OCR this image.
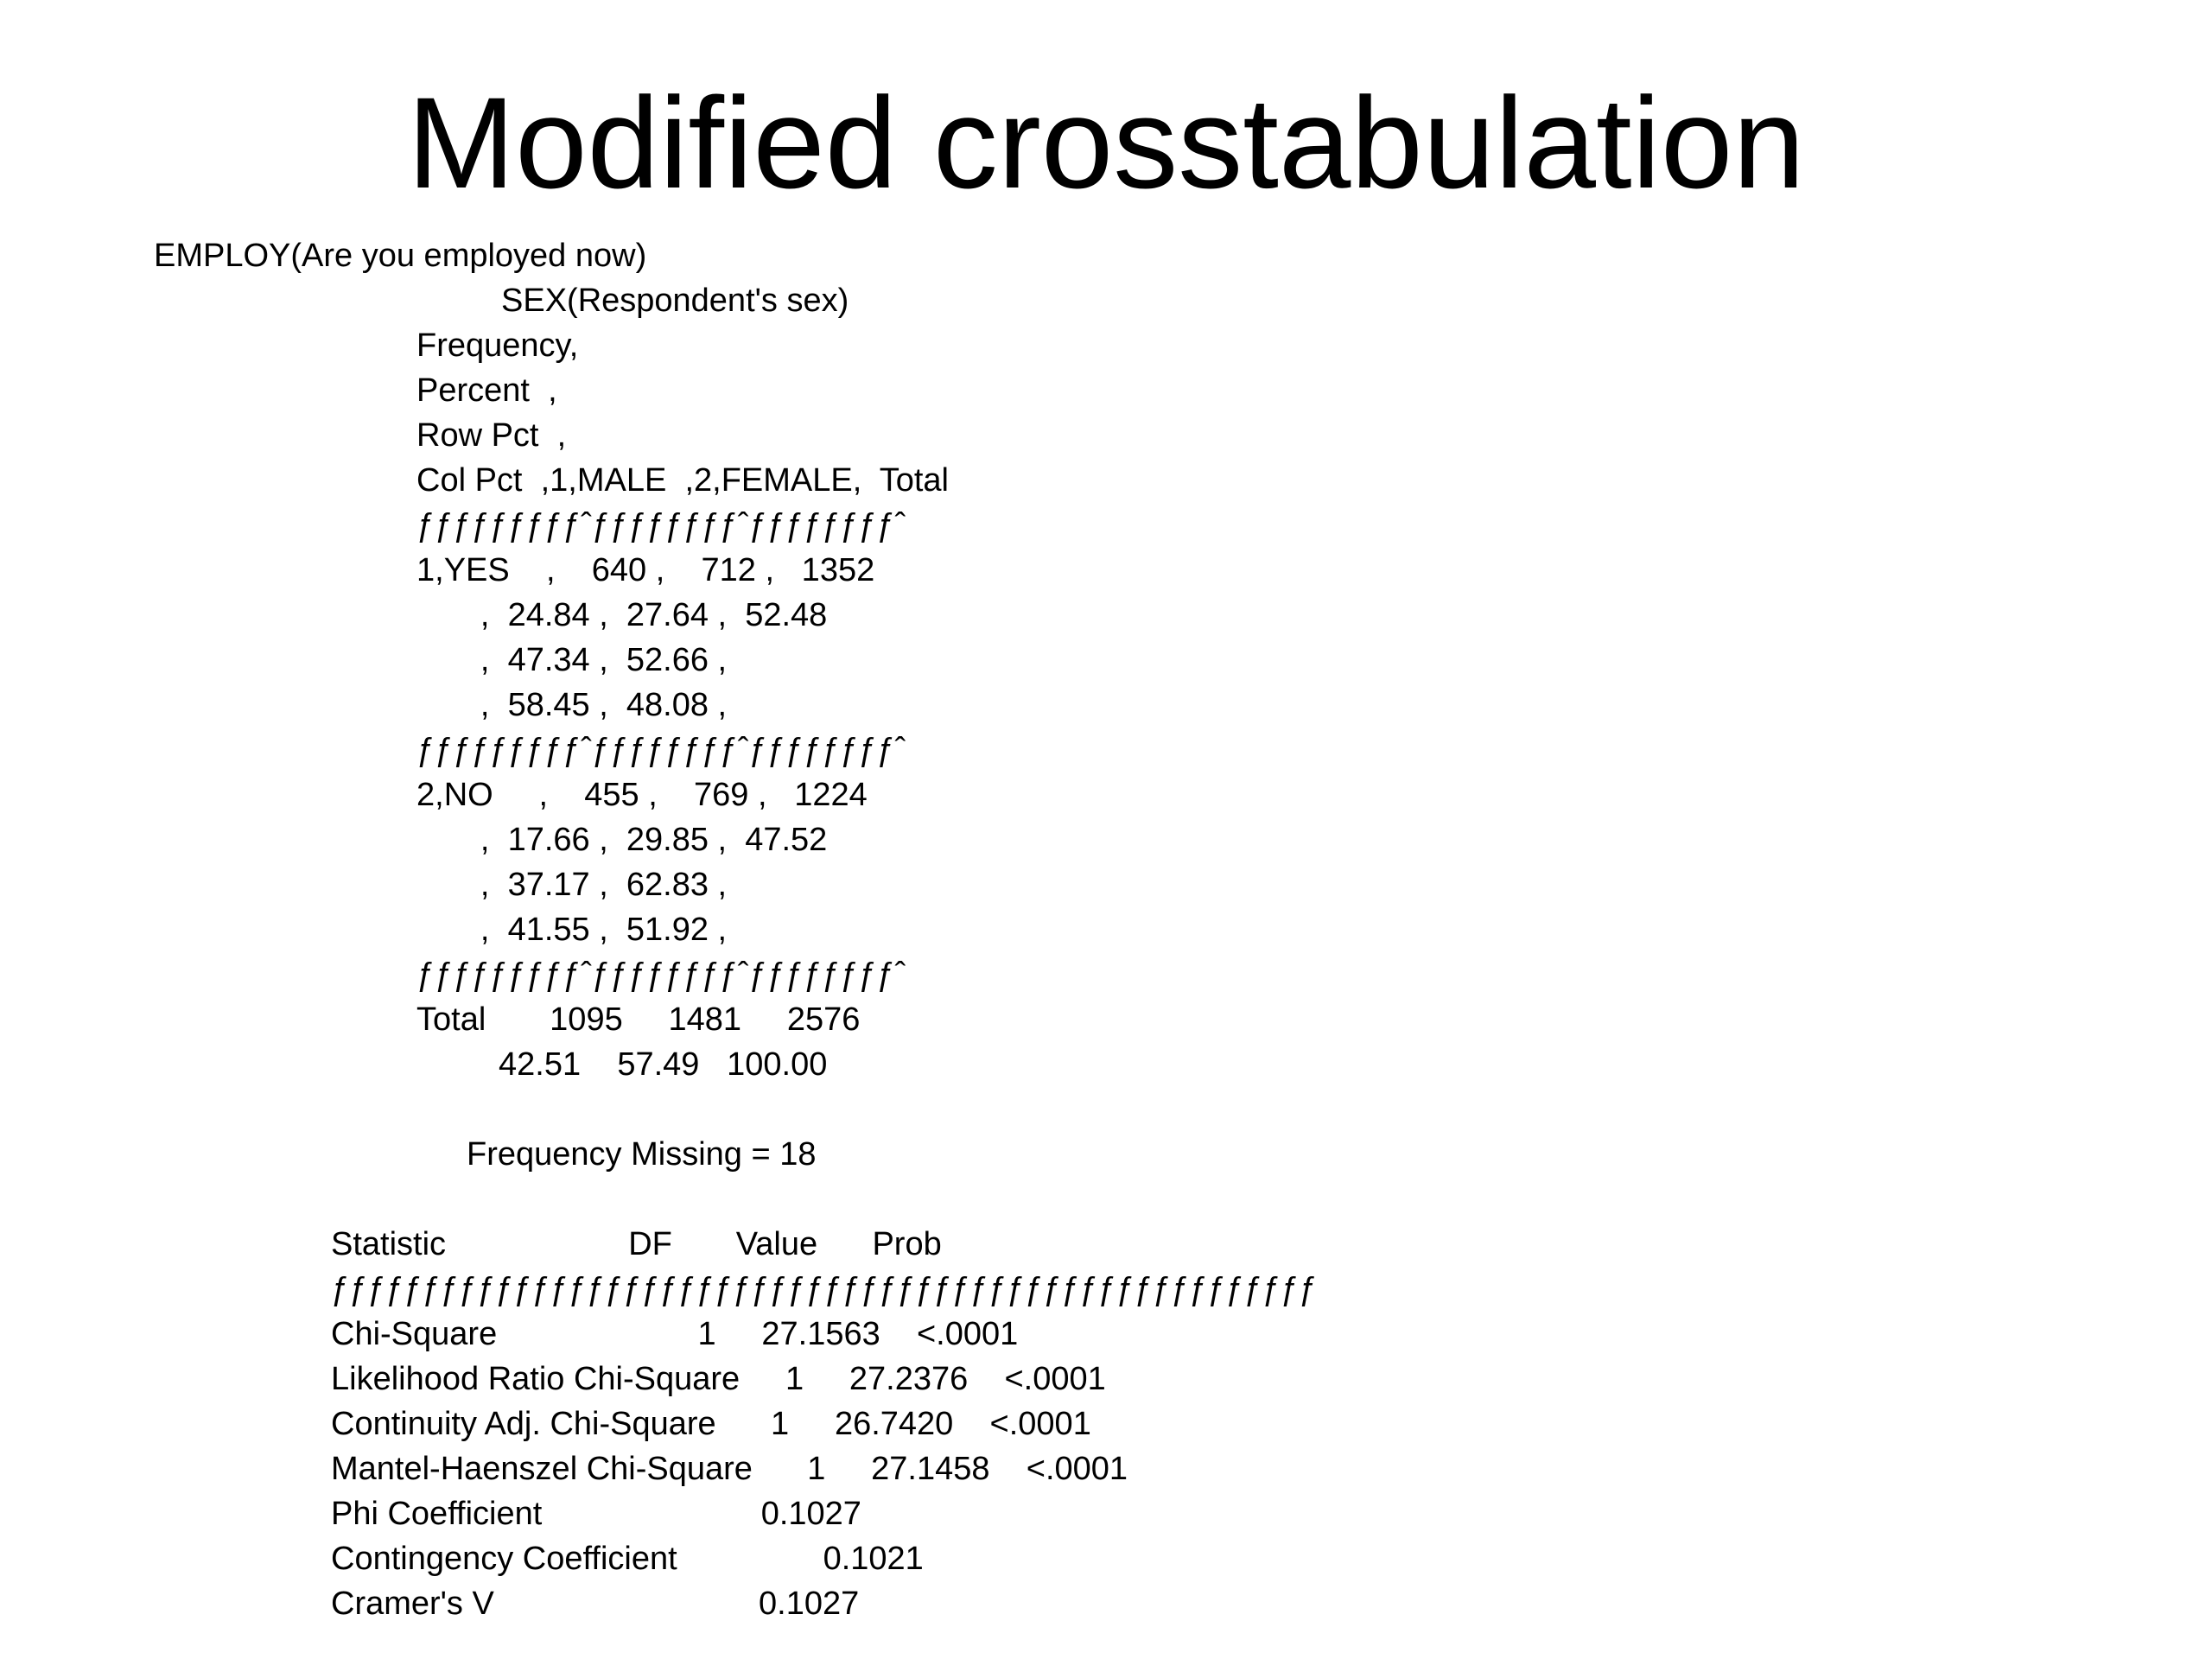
Modified crosstabulation
EMPLOY(Are you employed now)
SEX(Respondent's sex)
Frequency,
Percent  ,
Row Pct  ,
Col Pct  ,1,MALE  ,2,FEMALE,  Total
ƒƒƒƒƒƒƒƒƒˆƒƒƒƒƒƒƒƒˆƒƒƒƒƒƒƒƒˆ
1,YES    ,    640 ,    712 ,   1352
,  24.84 ,  27.64 ,  52.48
,  47.34 ,  52.66 ,
,  58.45 ,  48.08 ,
ƒƒƒƒƒƒƒƒƒˆƒƒƒƒƒƒƒƒˆƒƒƒƒƒƒƒƒˆ
2,NO     ,    455 ,    769 ,   1224
,  17.66 ,  29.85 ,  47.52
,  37.17 ,  62.83 ,
,  41.55 ,  51.92 ,
ƒƒƒƒƒƒƒƒƒˆƒƒƒƒƒƒƒƒˆƒƒƒƒƒƒƒƒˆ
Total       1095     1481     2576
42.51    57.49   100.00
Frequency Missing = 18
Statistic                    DF       Value      Prob
ƒƒƒƒƒƒƒƒƒƒƒƒƒƒƒƒƒƒƒƒƒƒƒƒƒƒƒƒƒƒƒƒƒƒƒƒƒƒƒƒƒƒƒƒƒƒƒƒƒƒƒƒƒƒ
Chi-Square                      1     27.1563    <.0001
Likelihood Ratio Chi-Square     1     27.2376    <.0001
Continuity Adj. Chi-Square      1     26.7420    <.0001
Mantel-Haenszel Chi-Square      1     27.1458    <.0001
Phi Coefficient                        0.1027
Contingency Coefficient                0.1021
Cramer's V                             0.1027
